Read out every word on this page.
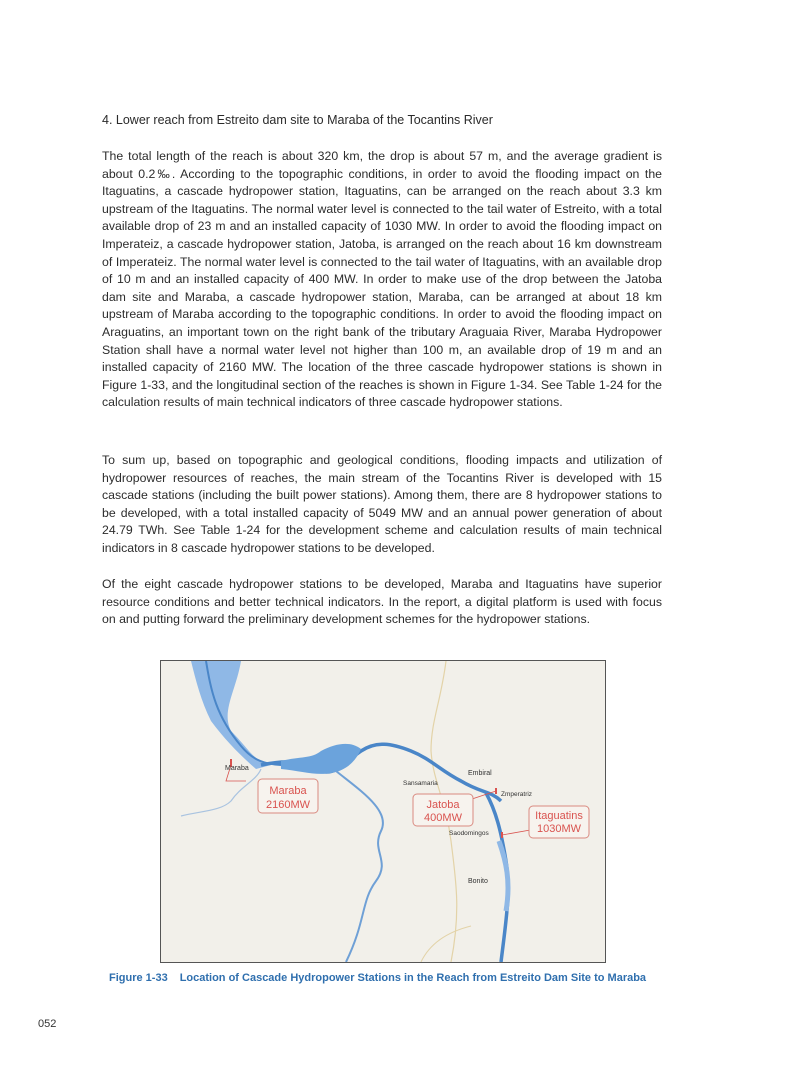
4. Lower reach from Estreito dam site to Maraba of the Tocantins River

The total length of the reach is about 320 km, the drop is about 57 m, and the average gradient is about 0.2‰. According to the topographic conditions, in order to avoid the flooding impact on the Itaguatins, a cascade hydropower station, Itaguatins, can be arranged on the reach about 3.3 km upstream of the Itaguatins. The normal water level is connected to the tail water of Estreito, with a total available drop of 23 m and an installed capacity of 1030 MW. In order to avoid the flooding impact on Imperateiz, a cascade hydropower station, Jatoba, is arranged on the reach about 16 km downstream of Imperateiz. The normal water level is connected to the tail water of Itaguatins, with an available drop of 10 m and an installed capacity of 400 MW. In order to make use of the drop between the Jatoba dam site and Maraba, a cascade hydropower station, Maraba, can be arranged at about 18 km upstream of Maraba according to the topographic conditions. In order to avoid the flooding impact on Araguatins, an important town on the right bank of the tributary Araguaia River, Maraba Hydropower Station shall have a normal water level not higher than 100 m, an available drop of 19 m and an installed capacity of 2160 MW. The location of the three cascade hydropower stations is shown in Figure 1-33, and the longitudinal section of the reaches is shown in Figure 1-34. See Table 1-24 for the calculation results of main technical indicators of three cascade hydropower stations.

To sum up, based on topographic and geological conditions, flooding impacts and utilization of hydropower resources of reaches, the main stream of the Tocantins River is developed with 15 cascade stations (including the built power stations). Among them, there are 8 hydropower stations to be developed, with a total installed capacity of 5049 MW and an annual power generation of about 24.79 TWh. See Table 1-24 for the development scheme and calculation results of main technical indicators in 8 cascade hydropower stations to be developed.

Of the eight cascade hydropower stations to be developed, Maraba and Itaguatins have superior resource conditions and better technical indicators. In the report, a digital platform is used with focus on and putting forward the preliminary development schemes for the hydropower stations.

Maraba
2160MW	Jatoba
400MW	Itaguatins
1030MW
Maraba
Sansamaria
Embiral
Zmperatriz
Saodomingos
Bonito
Figure 1-33 Location of Cascade Hydropower Stations in the Reach from Estreito Dam Site to Maraba
052
